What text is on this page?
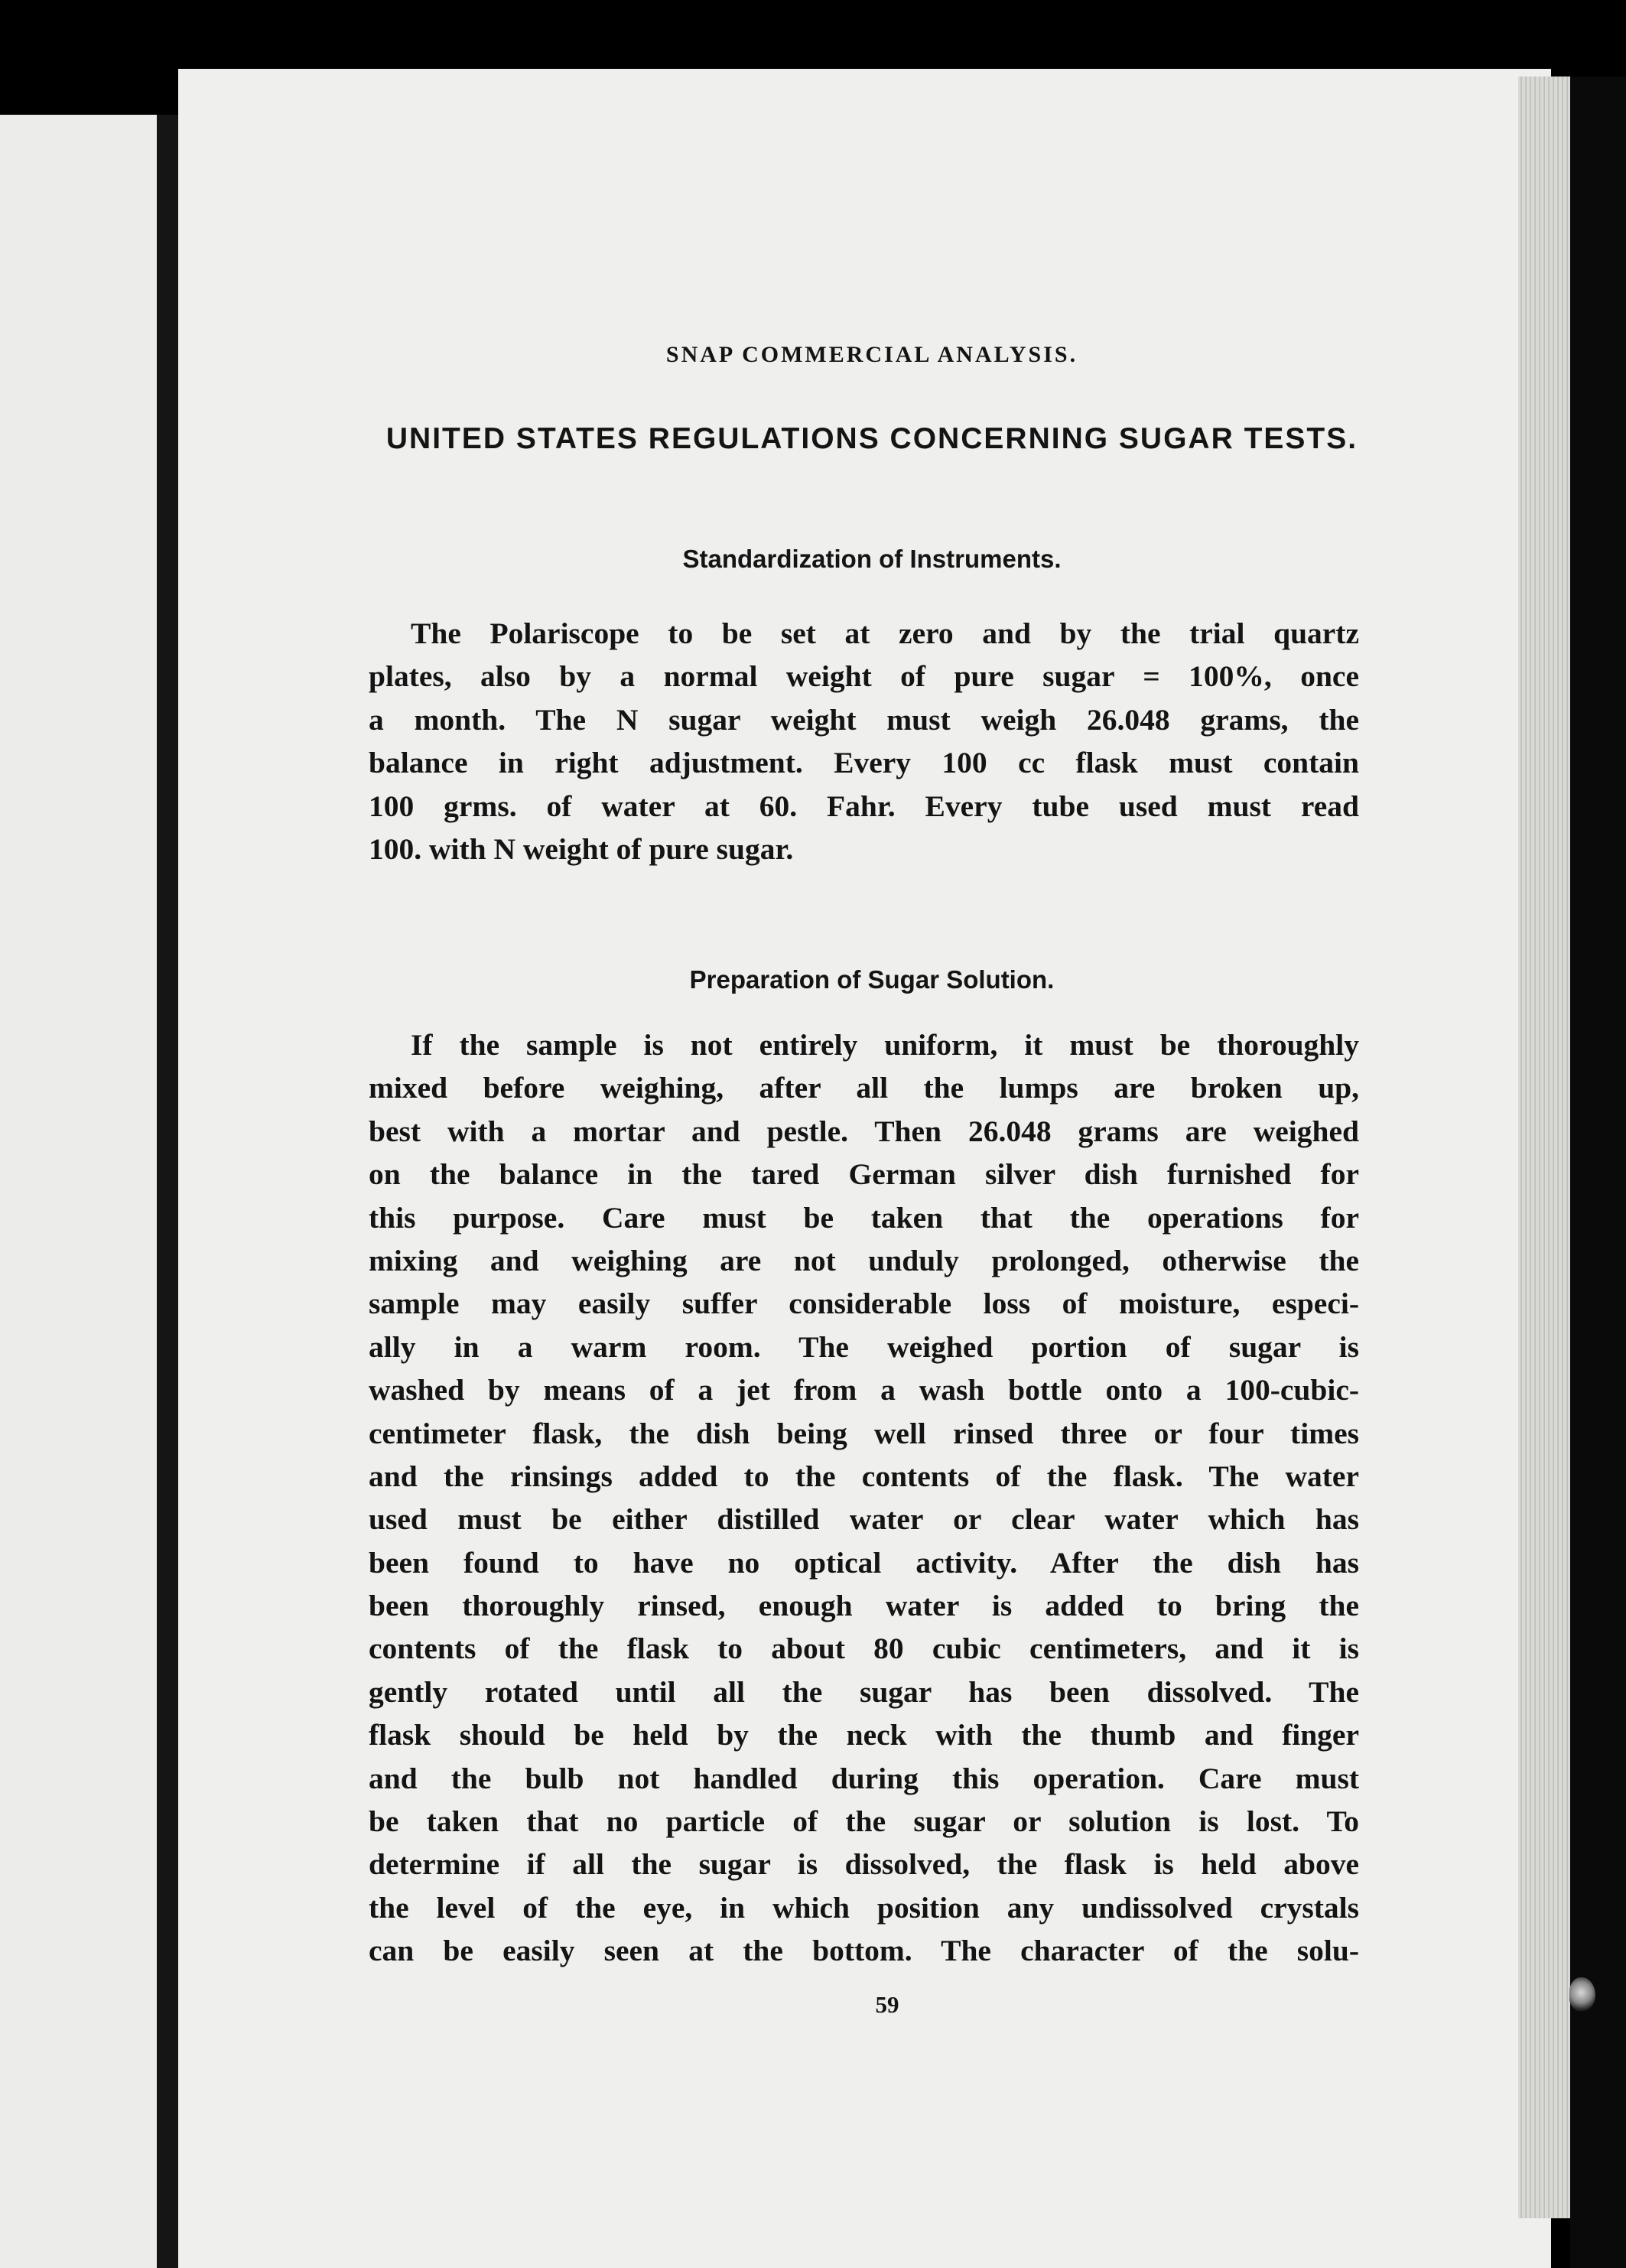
SNAP COMMERCIAL ANALYSIS.
UNITED STATES REGULATIONS CONCERNING SUGAR TESTS.
Standardization of Instruments.
The Polariscope to be set at zero and by the trial quartz
plates, also by a normal weight of pure sugar = 100%, once
a month. The N sugar weight must weigh 26.048 grams, the
balance in right adjustment. Every 100 cc flask must contain
100 grms. of water at 60. Fahr. Every tube used must read
100. with N weight of pure sugar.
Preparation of Sugar Solution.
If the sample is not entirely uniform, it must be thoroughly
mixed before weighing, after all the lumps are broken up,
best with a mortar and pestle. Then 26.048 grams are weighed
on the balance in the tared German silver dish furnished for
this purpose. Care must be taken that the operations for
mixing and weighing are not unduly prolonged, otherwise the
sample may easily suffer considerable loss of moisture, especi-
ally in a warm room. The weighed portion of sugar is
washed by means of a jet from a wash bottle onto a 100-cubic-
centimeter flask, the dish being well rinsed three or four times
and the rinsings added to the contents of the flask. The water
used must be either distilled water or clear water which has
been found to have no optical activity. After the dish has
been thoroughly rinsed, enough water is added to bring the
contents of the flask to about 80 cubic centimeters, and it is
gently rotated until all the sugar has been dissolved. The
flask should be held by the neck with the thumb and finger
and the bulb not handled during this operation. Care must
be taken that no particle of the sugar or solution is lost. To
determine if all the sugar is dissolved, the flask is held above
the level of the eye, in which position any undissolved crystals
can be easily seen at the bottom. The character of the solu-
59
